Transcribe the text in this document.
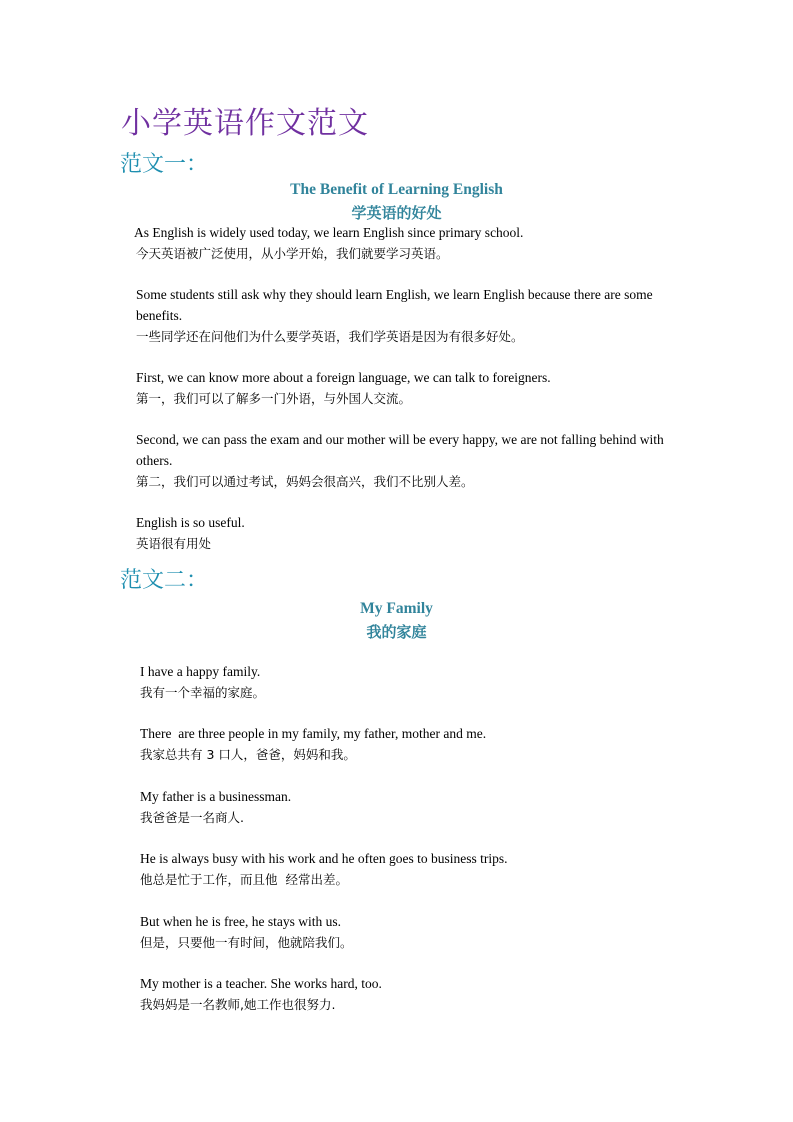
小学英语作文范文
范文一：
The Benefit of Learning English
学英语的好处
As English is widely used today, we learn English since primary school.
今天英语被广泛使用，从小学开始，我们就要学习英语。
Some students still ask why they should learn English, we learn English because there are some benefits.
一些同学还在问他们为什么要学英语，我们学英语是因为有很多好处。
First, we can know more about a foreign language, we can talk to foreigners.
第一，我们可以了解多一门外语，与外国人交流。
Second, we can pass the exam and our mother will be every happy, we are not falling behind with others.
第二，我们可以通过考试，妈妈会很高兴，我们不比别人差。
English is so useful.
英语很有用处
范文二：
My Family
我的家庭
I have a happy family.
我有一个幸福的家庭。
There  are three people in my family, my father, mother and me.
我家总共有 3 口人，爸爸，妈妈和我。
My father is a businessman.
我爸爸是一名商人.
He is always busy with his work and he often goes to business trips.
他总是忙于工作，而且他  经常出差。
But when he is free, he stays with us.
但是，只要他一有时间，他就陪我们。
My mother is a teacher. She works hard, too.
我妈妈是一名教师,她工作也很努力.
